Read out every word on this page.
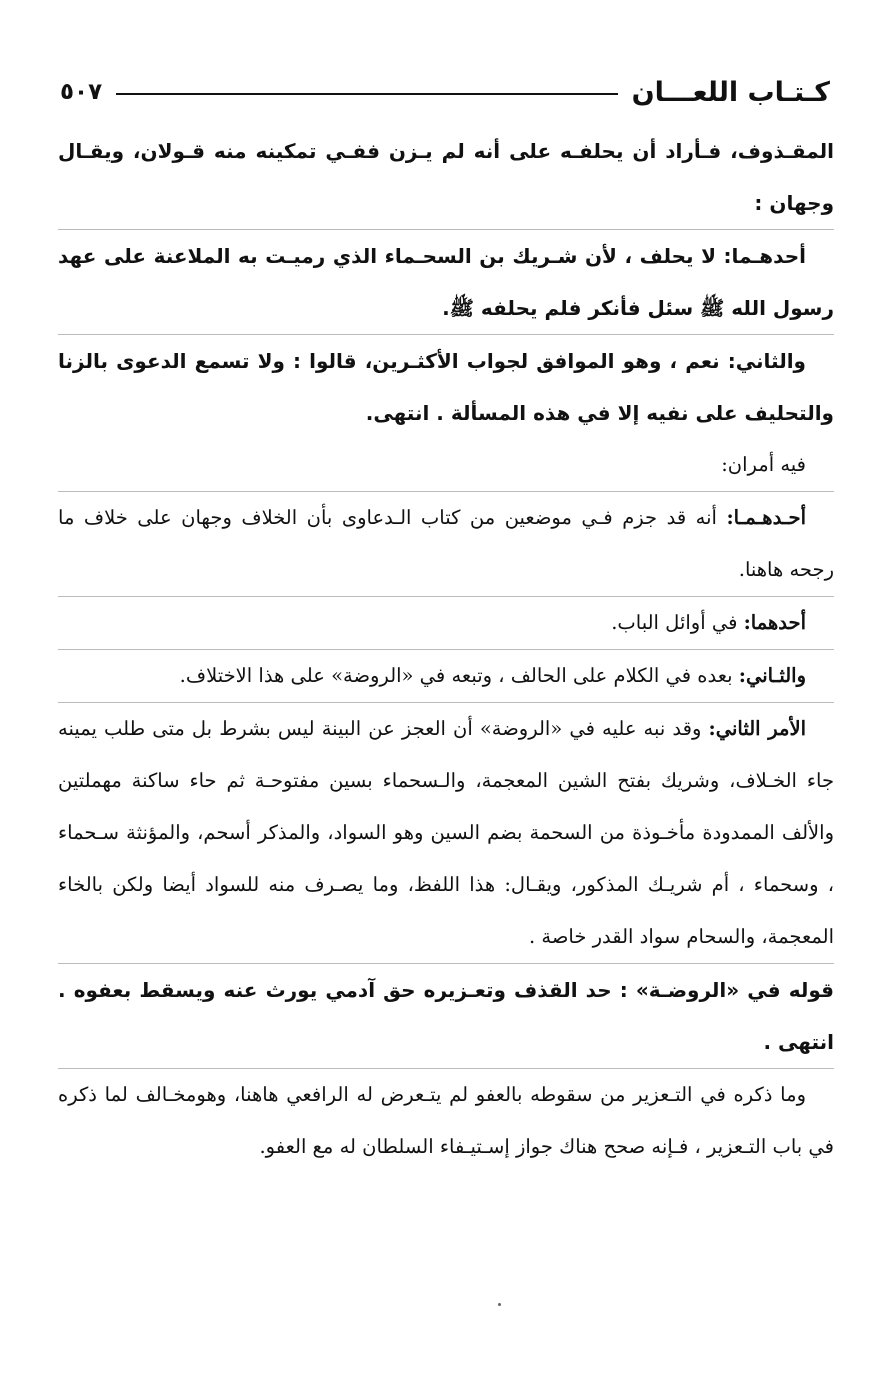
كـتـاب اللعـــان
٥٠٧

المقـذوف، فـأراد أن يحلفـه على أنه لم يـزن ففـي تمكينه منه قـولان، ويقـال وجهان :

أحدهـما: لا يحلف ، لأن شـريك بن السحـماء الذي رميـت به الملاعنة على عهد رسول الله ﷺ سئل فأنكر فلم يحلفه ﷺ.

والثاني: نعم ، وهو الموافق لجواب الأكثـرين، قالوا : ولا تسمع الدعوى بالزنا والتحليف على نفيه إلا في هذه المسألة . انتهى.

فيه أمران:

أحـدهـمـا: أنه قد جزم فـي موضعين من كتاب الـدعاوى بأن الخلاف وجهان على خلاف ما رجحه هاهنا.

أحدهما: في أوائل الباب.

والثـاني: بعده في الكلام على الحالف ، وتبعه في «الروضة» على هذا الاختلاف.

الأمر الثاني: وقد نبه عليه في «الروضة» أن العجز عن البينة ليس بشرط بل متى طلب يمينه جاء الخـلاف، وشريك بفتح الشين المعجمة، والـسحماء بسين مفتوحـة ثم حاء ساكنة مهملتين والألف الممدودة مأخـوذة من السحمة بضم السين وهو السواد، والمذكر أسحم، والمؤنثة سـحماء ، وسحماء ، أم شريـك المذكور، ويقـال: هذا اللفظ، وما يصـرف منه للسواد أيضا ولكن بالخاء المعجمة، والسحام سواد القدر خاصة .

قوله في «الروضـة» : حد القذف وتعـزيره حق آدمي يورث عنه ويسقط بعفوه . انتهى .

وما ذكره في التـعزير من سقوطه بالعفو لم يتـعرض له الرافعي هاهنا، وهومخـالف لما ذكره في باب التـعزير ، فـإنه صحح هناك جواز إسـتيـفاء السلطان له مع العفو.
